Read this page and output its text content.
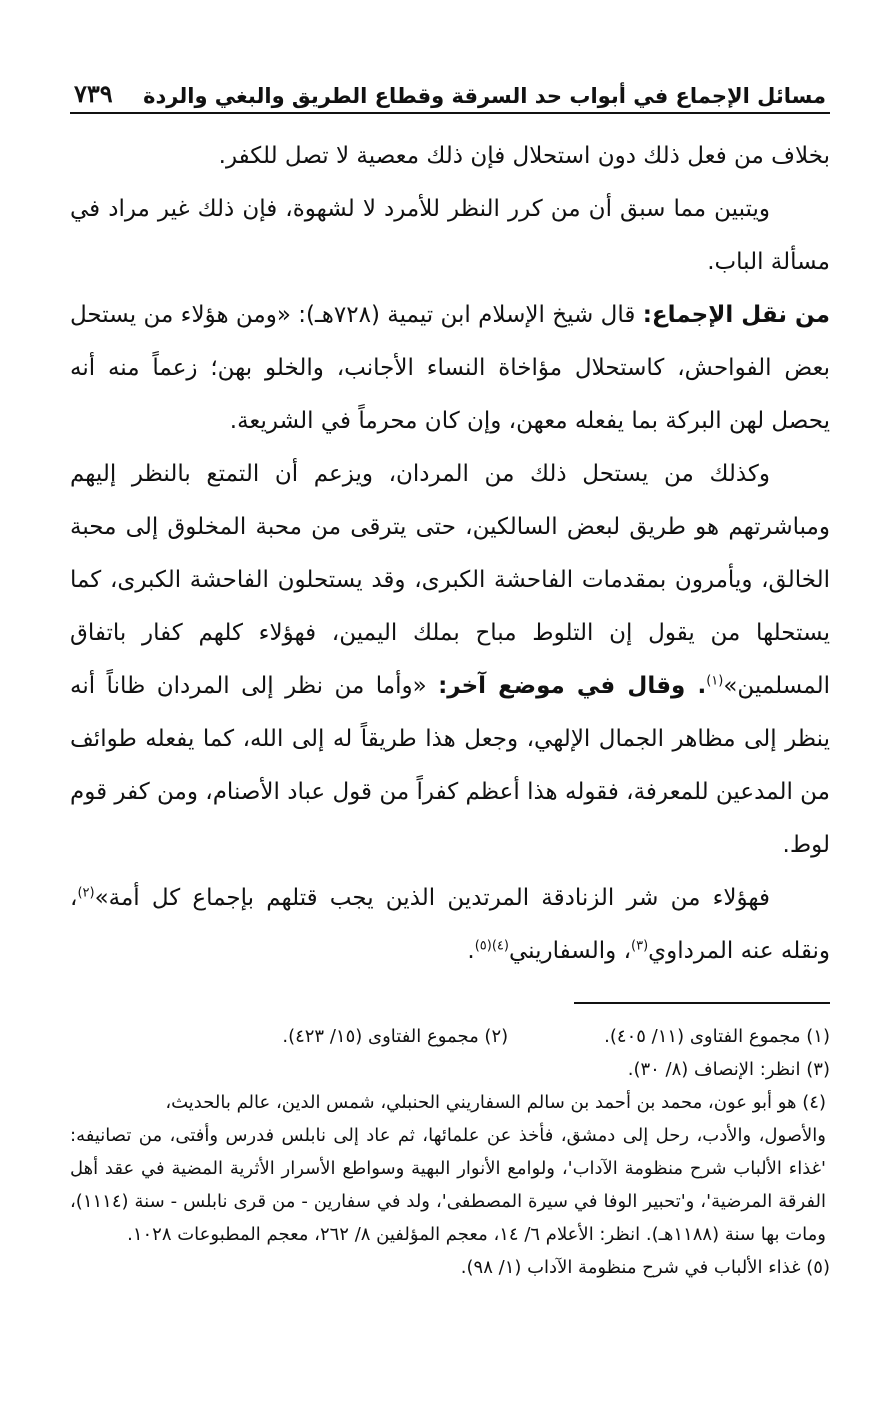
مسائل الإجماع في أبواب حد السرقة وقطاع الطريق والبغي والردة
٧٣٩

بخلاف من فعل ذلك دون استحلال فإن ذلك معصية لا تصل للكفر.

ويتبين مما سبق أن من كرر النظر للأمرد لا لشهوة، فإن ذلك غير مراد في مسألة الباب.

من نقل الإجماع: قال شيخ الإسلام ابن تيمية (٧٢٨هـ): «ومن هؤلاء من يستحل بعض الفواحش، كاستحلال مؤاخاة النساء الأجانب، والخلو بهن؛ زعماً منه أنه يحصل لهن البركة بما يفعله معهن، وإن كان محرماً في الشريعة.

وكذلك من يستحل ذلك من المردان، ويزعم أن التمتع بالنظر إليهم ومباشرتهم هو طريق لبعض السالكين، حتى يترقى من محبة المخلوق إلى محبة الخالق، ويأمرون بمقدمات الفاحشة الكبرى، وقد يستحلون الفاحشة الكبرى، كما يستحلها من يقول إن التلوط مباح بملك اليمين، فهؤلاء كلهم كفار باتفاق المسلمين»$^{(١)}$. وقال في موضع آخر: «وأما من نظر إلى المردان ظاناً أنه ينظر إلى مظاهر الجمال الإلهي، وجعل هذا طريقاً له إلى الله، كما يفعله طوائف من المدعين للمعرفة، فقوله هذا أعظم كفراً من قول عباد الأصنام، ومن كفر قوم لوط.

فهؤلاء من شر الزنادقة المرتدين الذين يجب قتلهم بإجماع كل أمة»$^{(٢)}$، ونقله عنه المرداوي$^{(٣)}$، والسفاريني$^{(٤)(٥)}$.

(١) مجموع الفتاوى (١١/ ٤٠٥).

(٢) مجموع الفتاوى (١٥/ ٤٢٣).

(٣) انظر: الإنصاف (٨/ ٣٠).

(٤) هو أبو عون، محمد بن أحمد بن سالم السفاريني الحنبلي، شمس الدين، عالم بالحديث،
والأصول، والأدب، رحل إلى دمشق، فأخذ عن علمائها، ثم عاد إلى نابلس فدرس وأفتى، من تصانيفه: 'غذاء الألباب شرح منظومة الآداب'، ولوامع الأنوار البهية وسواطع الأسرار الأثرية المضية في عقد أهل الفرقة المرضية'، و'تحبير الوفا في سيرة المصطفى'، ولد في سفارين - من قرى نابلس - سنة (١١١٤)، ومات بها سنة (١١٨٨هـ). انظر: الأعلام ٦/ ١٤، معجم المؤلفين ٨/ ٢٦٢، معجم المطبوعات ١٠٢٨.

(٥) غذاء الألباب في شرح منظومة الآداب (١/ ٩٨).
